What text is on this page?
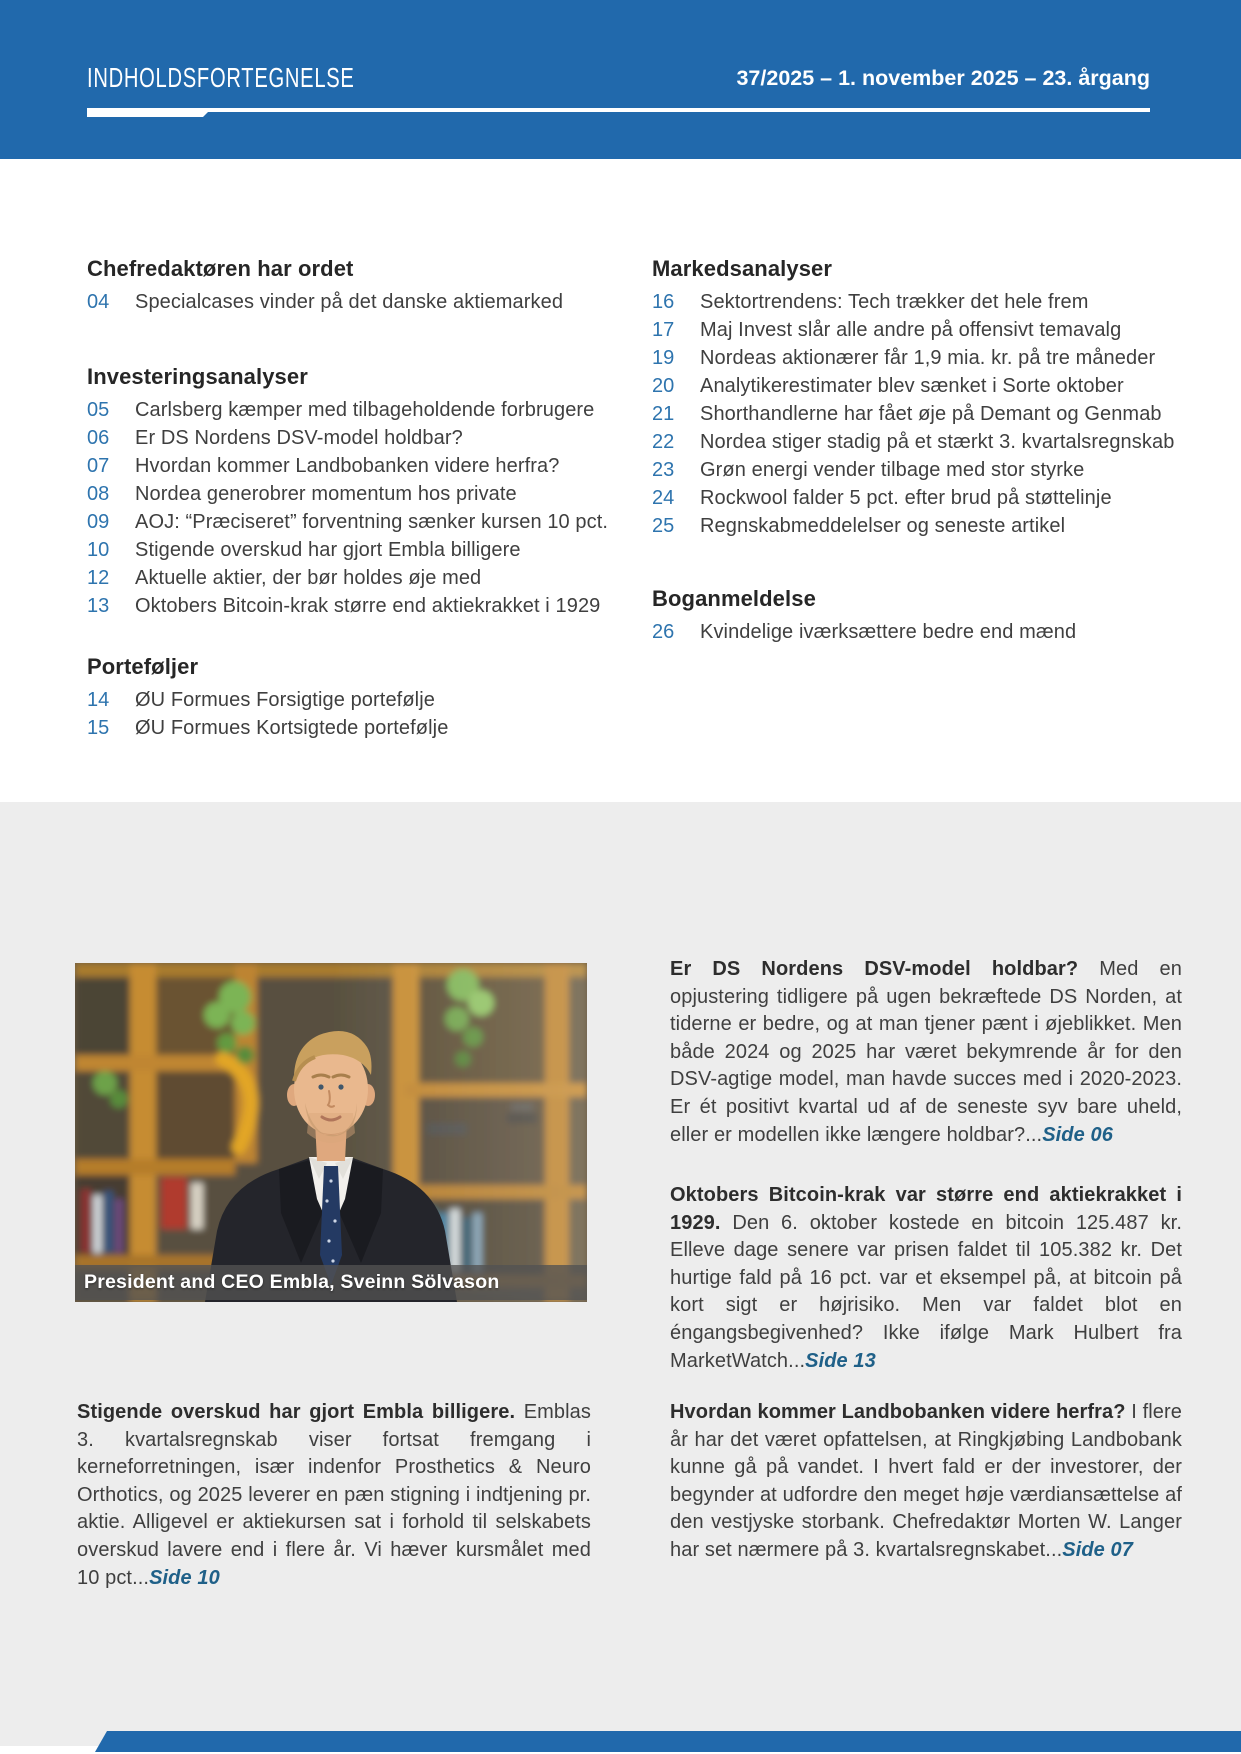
INDHOLDSFORTEGNELSE	37/2025 – 1. november 2025 – 23. årgang
Chefredaktøren har ordet
04	Specialcases vinder på det danske aktiemarked
Investeringsanalyser
05	Carlsberg kæmper med tilbageholdende forbrugere
06	Er DS Nordens DSV-model holdbar?
07	Hvordan kommer Landbobanken videre herfra?
08	Nordea generobrer momentum hos private
09	AOJ: “Præciseret” forventning sænker kursen 10 pct.
10	Stigende overskud har gjort Embla billigere
12	Aktuelle aktier, der bør holdes øje med
13	Oktobers Bitcoin-krak større end aktiekrakket i 1929
Porteføljer
14	ØU Formues Forsigtige portefølje
15	ØU Formues Kortsigtede portefølje
Markedsanalyser
16	Sektortrendens: Tech trækker det hele frem
17	Maj Invest slår alle andre på offensivt temavalg
19	Nordeas aktionærer får 1,9 mia. kr. på tre måneder
20	Analytikerestimater blev sænket i Sorte oktober
21	Shorthandlerne har fået øje på Demant og Genmab
22	Nordea stiger stadig på et stærkt 3. kvartalsregnskab
23	Grøn energi vender tilbage med stor styrke
24	Rockwool falder 5 pct. efter brud på støttelinje
25	Regnskabmeddelelser og seneste artikel
Boganmeldelse
26	Kvindelige iværksættere bedre end mænd
President and CEO Embla, Sveinn Sölvason
Er DS Nordens DSV-model holdbar? Med en opjustering tidligere på ugen bekræftede DS Norden, at tiderne er bedre, og at man tjener pænt i øjeblikket. Men både 2024 og 2025 har været bekymrende år for den DSV-agtige model, man havde succes med i 2020-2023. Er ét positivt kvartal ud af de seneste syv bare uheld, eller er modellen ikke længere holdbar?...Side 06
Oktobers Bitcoin-krak var større end aktiekrakket i 1929. Den 6. oktober kostede en bitcoin 125.487 kr. Elleve dage senere var prisen faldet til 105.382 kr. Det hurtige fald på 16 pct. var et eksempel på, at bitcoin på kort sigt er højrisiko. Men var faldet blot en éngangsbegivenhed? Ikke ifølge Mark Hulbert fra MarketWatch...Side 13
Hvordan kommer Landbobanken videre herfra? I flere år har det været opfattelsen, at Ringkjøbing Landbobank kunne gå på vandet. I hvert fald er der investorer, der begynder at udfordre den meget høje værdiansættelse af den vestjyske storbank. Chefredaktør Morten W. Langer har set nærmere på 3. kvartalsregnskabet...Side 07
Stigende overskud har gjort Embla billigere. Emblas 3. kvartalsregnskab viser fortsat fremgang i kerneforretningen, især indenfor Prosthetics & Neuro Orthotics, og 2025 leverer en pæn stigning i indtjening pr. aktie. Alligevel er aktiekursen sat i forhold til selskabets overskud lavere end i flere år. Vi hæver kursmålet med 10 pct...Side 10
